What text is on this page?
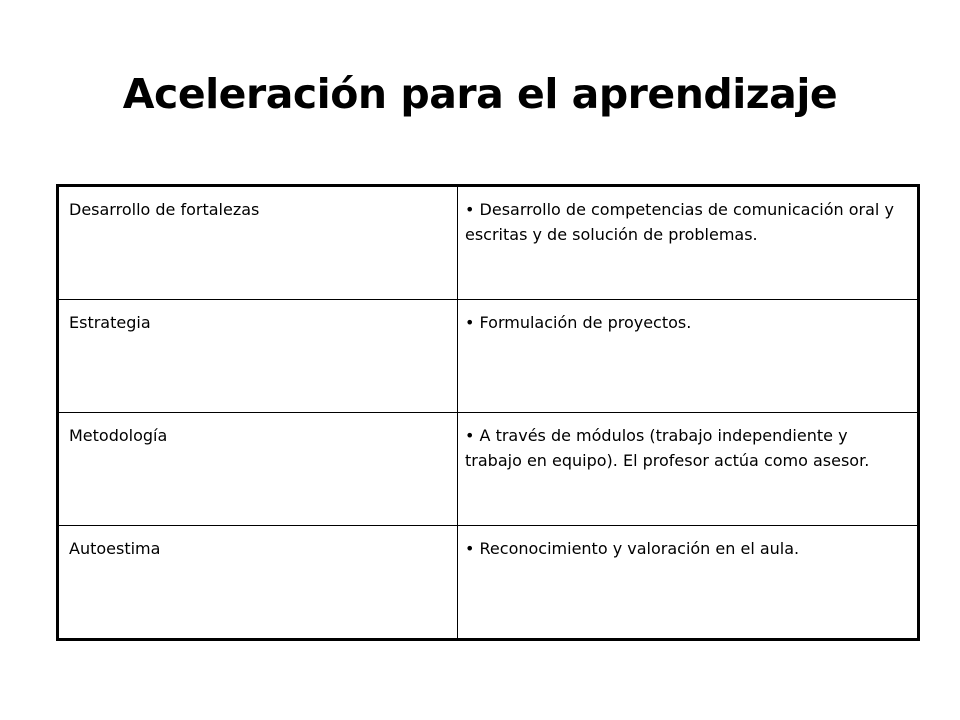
Aceleración para el aprendizaje
Desarrollo de fortalezas	• Desarrollo de competencias de comunicación oral y escritas y de solución de problemas.
Estrategia	• Formulación de proyectos.
Metodología	• A través de módulos (trabajo independiente y trabajo en equipo). El profesor actúa como asesor.
Autoestima	• Reconocimiento y valoración en el aula.
